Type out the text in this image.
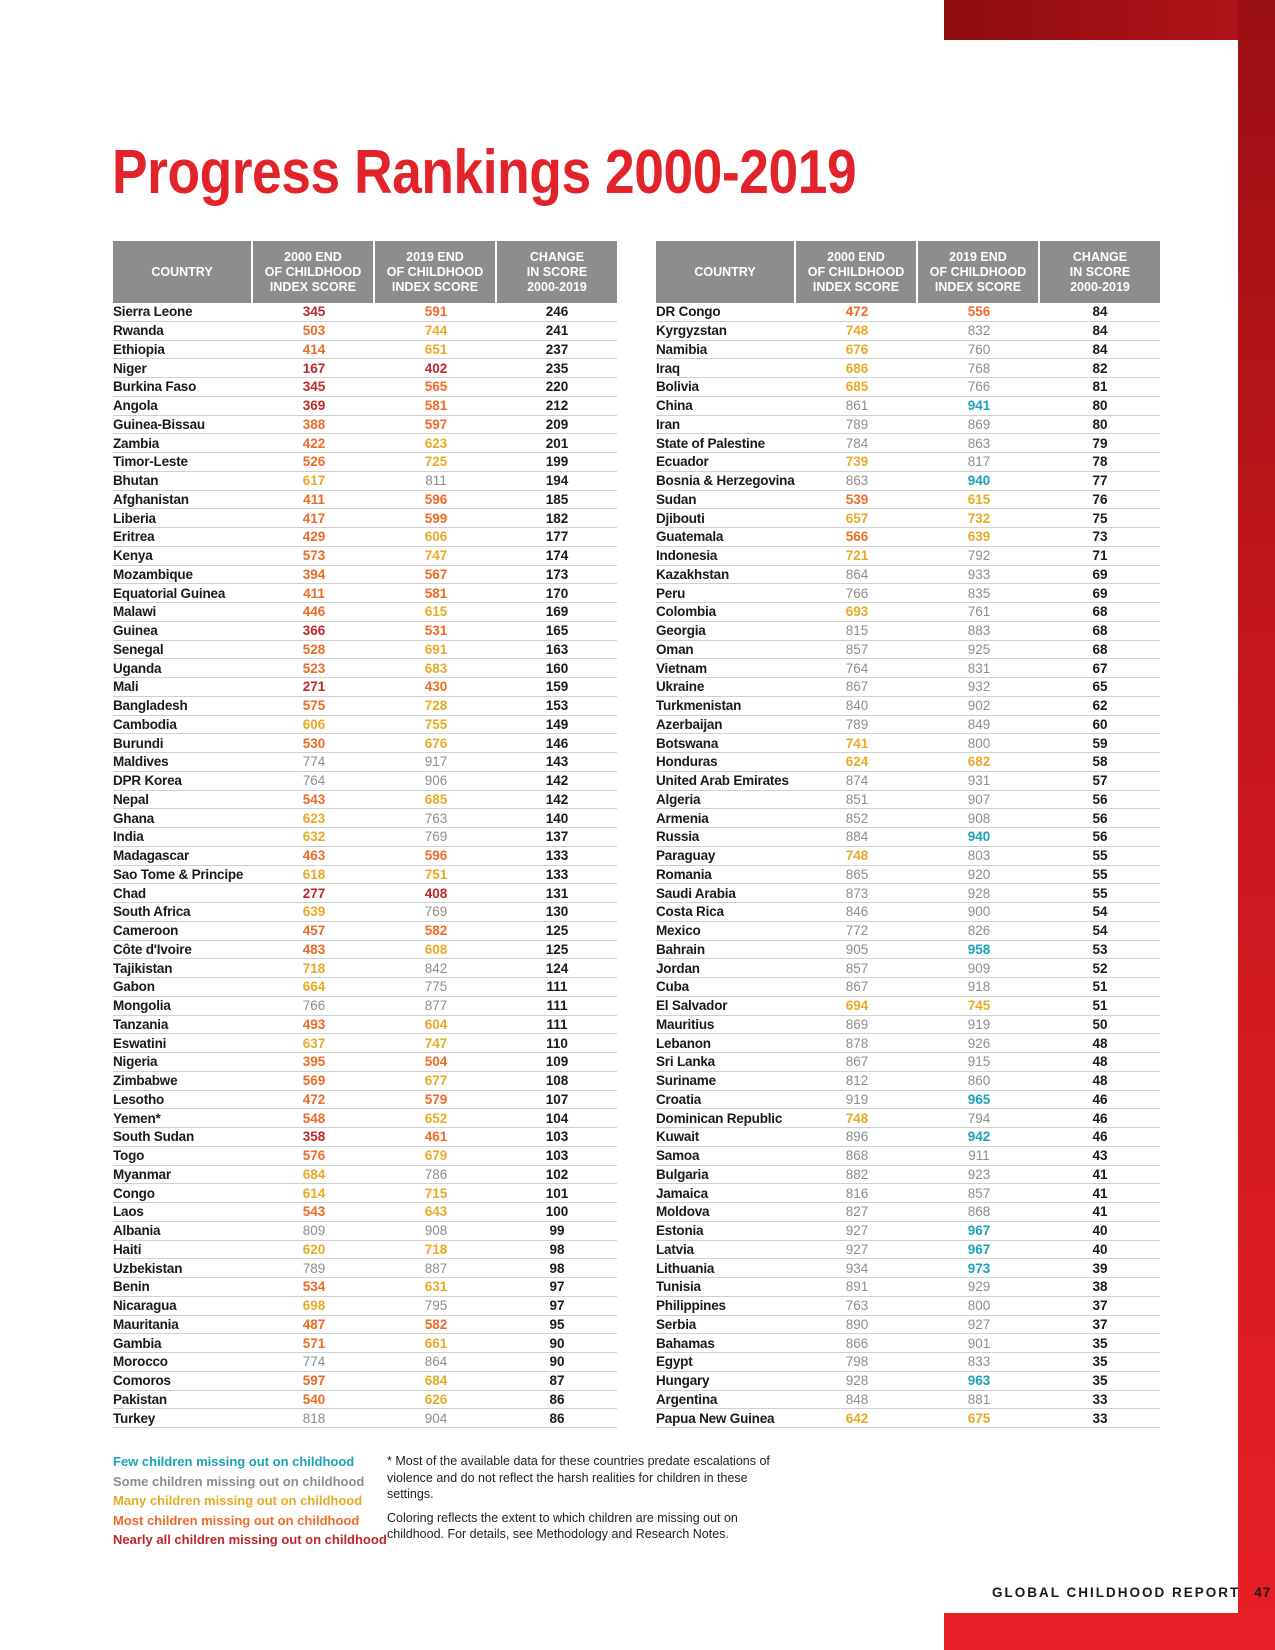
Progress Rankings 2000-2019
COUNTRY
2000 END
OF CHILDHOOD
INDEX SCORE
2019 END
OF CHILDHOOD
INDEX SCORE
CHANGE
IN SCORE
2000-2019
Sierra Leone	345	591	246
Rwanda	503	744	241
Ethiopia	414	651	237
Niger	167	402	235
Burkina Faso	345	565	220
Angola	369	581	212
Guinea-Bissau	388	597	209
Zambia	422	623	201
Timor-Leste	526	725	199
Bhutan	617	811	194
Afghanistan	411	596	185
Liberia	417	599	182
Eritrea	429	606	177
Kenya	573	747	174
Mozambique	394	567	173
Equatorial Guinea	411	581	170
Malawi	446	615	169
Guinea	366	531	165
Senegal	528	691	163
Uganda	523	683	160
Mali	271	430	159
Bangladesh	575	728	153
Cambodia	606	755	149
Burundi	530	676	146
Maldives	774	917	143
DPR Korea	764	906	142
Nepal	543	685	142
Ghana	623	763	140
India	632	769	137
Madagascar	463	596	133
Sao Tome & Principe	618	751	133
Chad	277	408	131
South Africa	639	769	130
Cameroon	457	582	125
Côte d'Ivoire	483	608	125
Tajikistan	718	842	124
Gabon	664	775	111
Mongolia	766	877	111
Tanzania	493	604	111
Eswatini	637	747	110
Nigeria	395	504	109
Zimbabwe	569	677	108
Lesotho	472	579	107
Yemen*	548	652	104
South Sudan	358	461	103
Togo	576	679	103
Myanmar	684	786	102
Congo	614	715	101
Laos	543	643	100
Albania	809	908	99
Haiti	620	718	98
Uzbekistan	789	887	98
Benin	534	631	97
Nicaragua	698	795	97
Mauritania	487	582	95
Gambia	571	661	90
Morocco	774	864	90
Comoros	597	684	87
Pakistan	540	626	86
Turkey	818	904	86
COUNTRY
2000 END
OF CHILDHOOD
INDEX SCORE
2019 END
OF CHILDHOOD
INDEX SCORE
CHANGE
IN SCORE
2000-2019
DR Congo	472	556	84
Kyrgyzstan	748	832	84
Namibia	676	760	84
Iraq	686	768	82
Bolivia	685	766	81
China	861	941	80
Iran	789	869	80
State of Palestine	784	863	79
Ecuador	739	817	78
Bosnia & Herzegovina	863	940	77
Sudan	539	615	76
Djibouti	657	732	75
Guatemala	566	639	73
Indonesia	721	792	71
Kazakhstan	864	933	69
Peru	766	835	69
Colombia	693	761	68
Georgia	815	883	68
Oman	857	925	68
Vietnam	764	831	67
Ukraine	867	932	65
Turkmenistan	840	902	62
Azerbaijan	789	849	60
Botswana	741	800	59
Honduras	624	682	58
United Arab Emirates	874	931	57
Algeria	851	907	56
Armenia	852	908	56
Russia	884	940	56
Paraguay	748	803	55
Romania	865	920	55
Saudi Arabia	873	928	55
Costa Rica	846	900	54
Mexico	772	826	54
Bahrain	905	958	53
Jordan	857	909	52
Cuba	867	918	51
El Salvador	694	745	51
Mauritius	869	919	50
Lebanon	878	926	48
Sri Lanka	867	915	48
Suriname	812	860	48
Croatia	919	965	46
Dominican Republic	748	794	46
Kuwait	896	942	46
Samoa	868	911	43
Bulgaria	882	923	41
Jamaica	816	857	41
Moldova	827	868	41
Estonia	927	967	40
Latvia	927	967	40
Lithuania	934	973	39
Tunisia	891	929	38
Philippines	763	800	37
Serbia	890	927	37
Bahamas	866	901	35
Egypt	798	833	35
Hungary	928	963	35
Argentina	848	881	33
Papua New Guinea	642	675	33
Few children missing out on childhood
Some children missing out on childhood
Many children missing out on childhood
Most children missing out on childhood
Nearly all children missing out on childhood

* Most of the available data for these countries predate escalations of violence and do not reflect the harsh realities for children in these settings.

Coloring reflects the extent to which children are missing out on childhood. For details, see Methodology and Research Notes.

GLOBAL CHILDHOOD REPORT 47
